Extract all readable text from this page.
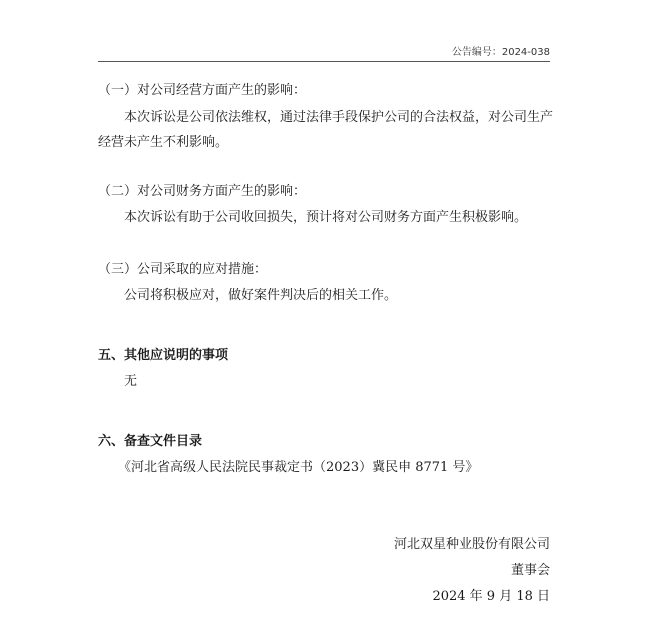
公告编号：2024-038
（一）对公司经营方面产生的影响：
本次诉讼是公司依法维权，通过法律手段保护公司的合法权益，对公司生产
经营未产生不利影响。
（二）对公司财务方面产生的影响：
本次诉讼有助于公司收回损失，预计将对公司财务方面产生积极影响。
（三）公司采取的应对措施：
公司将积极应对，做好案件判决后的相关工作。
五、其他应说明的事项
无
六、备查文件目录
《河北省高级人民法院民事裁定书（2023）冀民申 8771 号》
河北双星种业股份有限公司
董事会
2024 年 9 月 18 日
